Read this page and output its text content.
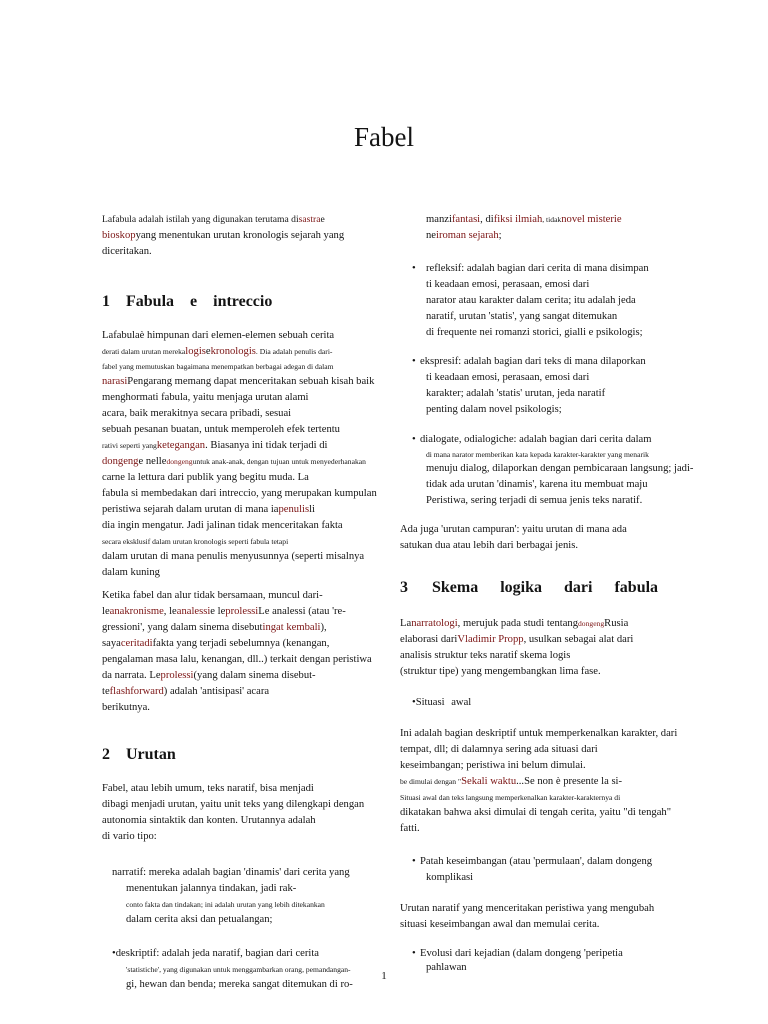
Fabel

Lafabula adalah istilah yang digunakan terutama disastrae

bioskopyang menentukan urutan kronologis sejarah yang

diceritakan.

1 Fabula e intreccio

Lafabulaè himpunan dari elemen-elemen sebuah cerita

derati dalam urutan merekalogisekronologis. Dia adalah penulis dari-

fabel yang memutuskan bagaimana menempatkan berbagai adegan di dalam

narasiPengarang memang dapat menceritakan sebuah kisah baik

menghormati fabula, yaitu menjaga urutan alami

acara, baik merakitnya secara pribadi, sesuai

sebuah pesanan buatan, untuk memperoleh efek tertentu

rativi seperti yangketegangan. Biasanya ini tidak terjadi di

dongenge nelledongenguntuk anak-anak, dengan tujuan untuk menyederhanakan

carne la lettura dari publik yang begitu muda. La

fabula si membedakan dari intreccio, yang merupakan kumpulan

peristiwa sejarah dalam urutan di mana iapenulisli

dia ingin mengatur. Jadi jalinan tidak menceritakan fakta

secara eksklusif dalam urutan kronologis seperti fabula tetapi

dalam urutan di mana penulis menyusunnya (seperti misalnya

dalam kuning

Ketika fabel dan alur tidak bersamaan, muncul dari-

leanakronisme, leanalessie leprolessiLe analessi (atau 're-

gressioni', yang dalam sinema disebutingat kembali),

sayaceritadifakta yang terjadi sebelumnya (kenangan,

pengalaman masa lalu, kenangan, dll..) terkait dengan peristiwa

da narrata. Leprolessi(yang dalam sinema disebut-

teflashforward) adalah 'antisipasi' acara

berikutnya.

2 Urutan

Fabel, atau lebih umum, teks naratif, bisa menjadi

dibagi menjadi urutan, yaitu unit teks yang dilengkapi dengan

autonomia sintaktik dan konten. Urutannya adalah

di vario tipo:

narratif: mereka adalah bagian 'dinamis' dari cerita yang

menentukan jalannya tindakan, jadi rak-

conto fakta dan tindakan; ini adalah urutan yang lebih ditekankan

dalam cerita aksi dan petualangan;

•deskriptif: adalah jeda naratif, bagian dari cerita

'statistiche', yang digunakan untuk menggambarkan orang, pemandangan-

gi, hewan dan benda; mereka sangat ditemukan di ro-

manzifantasi, difiksi ilmiah, tidaknovel misterie

neiroman sejarah;

• refleksif: adalah bagian dari cerita di mana disimpan

ti keadaan emosi, perasaan, emosi dari

narator atau karakter dalam cerita; itu adalah jeda

naratif, urutan 'statis', yang sangat ditemukan

di frequente nei romanzi storici, gialli e psikologis;

• ekspresif: adalah bagian dari teks di mana dilaporkan

ti keadaan emosi, perasaan, emosi dari

karakter; adalah 'statis' urutan, jeda naratif

penting dalam novel psikologis;

• dialogate, odialogiche: adalah bagian dari cerita dalam

di mana narator memberikan kata kepada karakter-karakter yang menarik

menuju dialog, dilaporkan dengan pembicaraan langsung; jadi-

tidak ada urutan 'dinamis', karena itu membuat maju

Peristiwa, sering terjadi di semua jenis teks naratif.

Ada juga 'urutan campuran': yaitu urutan di mana ada

satukan dua atau lebih dari berbagai jenis.

3 Skema logika dari fabula

Lanarratologi, merujuk pada studi tentangdongengRusia

elaborasi dariVladimir Propp, usulkan sebagai alat dari

analisis struktur teks naratif skema logis

(struktur tipe) yang mengembangkan lima fase.

•Situasi awal

Ini adalah bagian deskriptif untuk memperkenalkan karakter, dari

tempat, dll; di dalamnya sering ada situasi dari

keseimbangan; peristiwa ini belum dimulai.

be dimulai dengan "Sekali waktu...Se non è presente la si-

Situasi awal dan teks langsung memperkenalkan karakter-karakternya di

dikatakan bahwa aksi dimulai di tengah cerita, yaitu "di tengah"

fatti.

• Patah keseimbangan (atau 'permulaan', dalam dongeng

komplikasi

Urutan naratif yang menceritakan peristiwa yang mengubah

situasi keseimbangan awal dan memulai cerita.

• Evolusi dari kejadian (dalam dongeng 'peripetia

pahlawan

1
